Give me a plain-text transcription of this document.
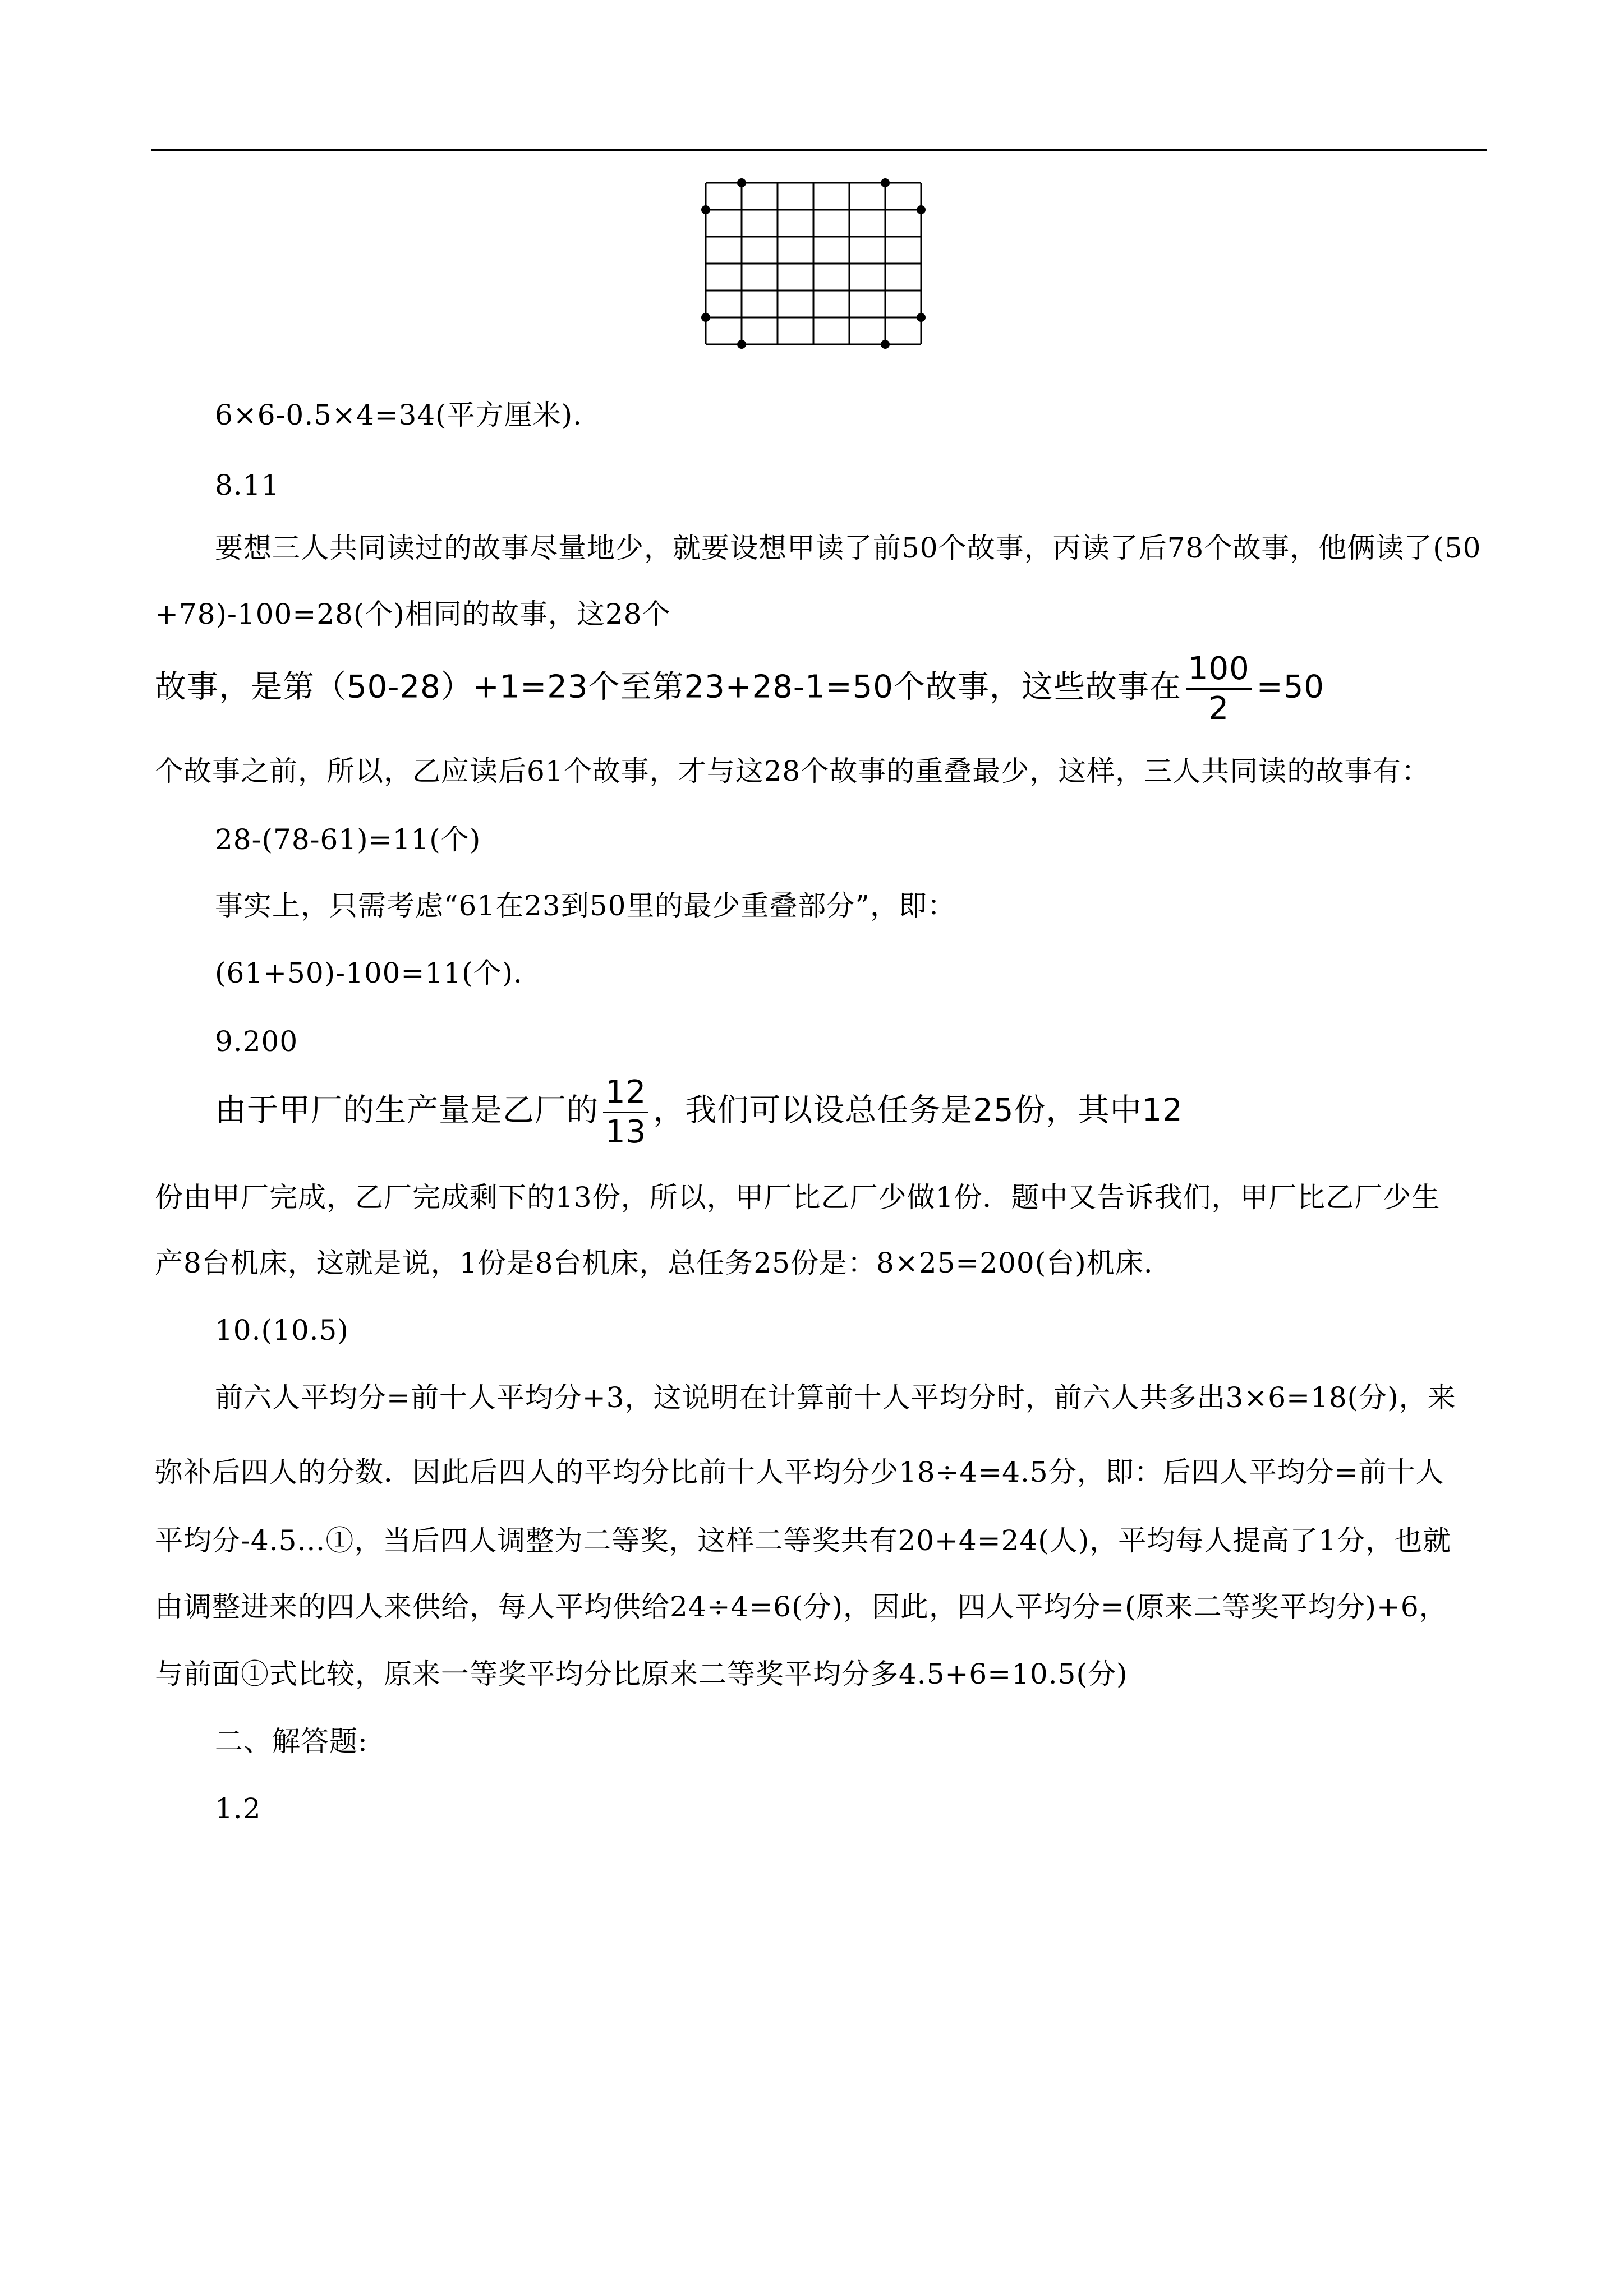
6×6-0.5×4=34(平方厘米).
8.11
要想三人共同读过的故事尽量地少，就要设想甲读了前50个故事，丙读了后78个故事，他俩读了(50
+78)-100=28(个)相同的故事，这28个
故事，是第（50-28）+1=23个至第23+28-1=50个故事，这些故事在 $\frac{100}{2} =50$
个故事之前，所以，乙应读后61个故事，才与这28个故事的重叠最少，这样，三人共同读的故事有：
28-(78-61)=11(个)
事实上，只需考虑“61在23到50里的最少重叠部分”，即：
(61+50)-100=11(个).
9.200
由于甲厂的生产量是乙厂的 $\frac{12}{13}$ ，我们可以设总任务是25份，其中12
份由甲厂完成，乙厂完成剩下的13份，所以，甲厂比乙厂少做1份．题中又告诉我们，甲厂比乙厂少生
产8台机床，这就是说，1份是8台机床，总任务25份是：8×25=200(台)机床.
10.(10.5)
前六人平均分=前十人平均分+3，这说明在计算前十人平均分时，前六人共多出3×6=18(分)，来
弥补后四人的分数．因此后四人的平均分比前十人平均分少18÷4=4.5分，即：后四人平均分=前十人
平均分-4.5…①，当后四人调整为二等奖，这样二等奖共有20+4=24(人)，平均每人提高了1分，也就
由调整进来的四人来供给，每人平均供给24÷4=6(分)，因此，四人平均分=(原来二等奖平均分)+6，
与前面①式比较，原来一等奖平均分比原来二等奖平均分多4.5+6=10.5(分)
二、解答题:
1.2
